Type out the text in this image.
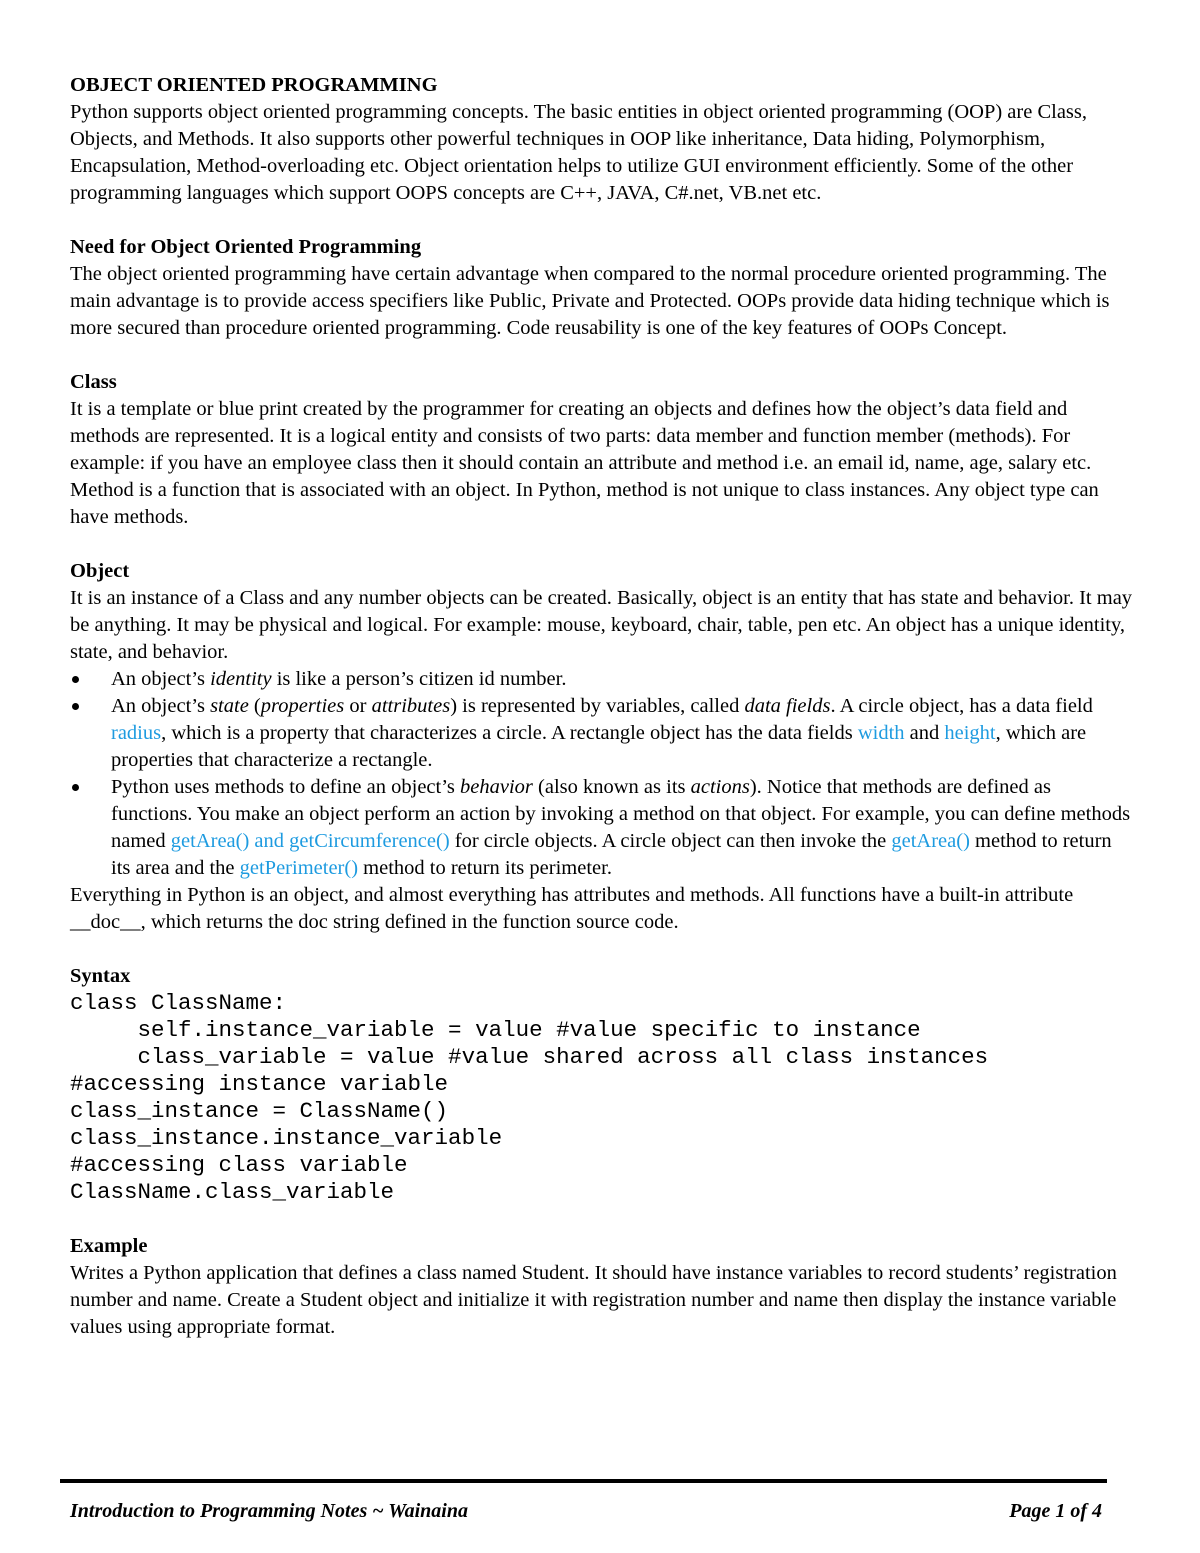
OBJECT ORIENTED PROGRAMMING

Python supports object oriented programming concepts. The basic entities in object oriented programming (OOP) are Class, Objects, and Methods. It also supports other powerful techniques in OOP like inheritance, Data hiding, Polymorphism, Encapsulation, Method-overloading etc. Object orientation helps to utilize GUI environment efficiently. Some of the other programming languages which support OOPS concepts are C++, JAVA, C#.net, VB.net etc.

Need for Object Oriented Programming

The object oriented programming have certain advantage when compared to the normal procedure oriented programming. The main advantage is to provide access specifiers like Public, Private and Protected. OOPs provide data hiding technique which is more secured than procedure oriented programming. Code reusability is one of the key features of OOPs Concept.

Class

It is a template or blue print created by the programmer for creating an objects and defines how the object’s data field and methods are represented. It is a logical entity and consists of two parts: data member and function member (methods). For example: if you have an employee class then it should contain an attribute and method i.e. an email id, name, age, salary etc.

Method is a function that is associated with an object. In Python, method is not unique to class instances. Any object type can have methods.

Object

It is an instance of a Class and any number objects can be created. Basically, object is an entity that has state and behavior. It may be anything. It may be physical and logical. For example: mouse, keyboard, chair, table, pen etc. An object has a unique identity, state, and behavior.

An object’s identity is like a person’s citizen id number.
An object’s state (properties or attributes) is represented by variables, called data fields. A circle object, has a data field radius, which is a property that characterizes a circle. A rectangle object has the data fields width and height, which are properties that characterize a rectangle.
Python uses methods to define an object’s behavior (also known as its actions). Notice that methods are defined as functions. You make an object perform an action by invoking a method on that object. For example, you can define methods named getArea() and getCircumference() for circle objects. A circle object can then invoke the getArea() method to return its area and the getPerimeter() method to return its perimeter.

Everything in Python is an object, and almost everything has attributes and methods. All functions have a built-in attribute __doc__, which returns the doc string defined in the function source code.

Syntax
class ClassName:
self.instance_variable = value #value specific to instance
class_variable = value #value shared across all class instances
#accessing instance variable
class_instance = ClassName()
class_instance.instance_variable
#accessing class variable
ClassName.class_variable
Example

Writes a Python application that defines a class named Student. It should have instance variables to record students’ registration number and name. Create a Student object and initialize it with registration number and name then display the instance variable values using appropriate format.

Introduction to Programming Notes ~ Wainaina	Page 1 of 4
